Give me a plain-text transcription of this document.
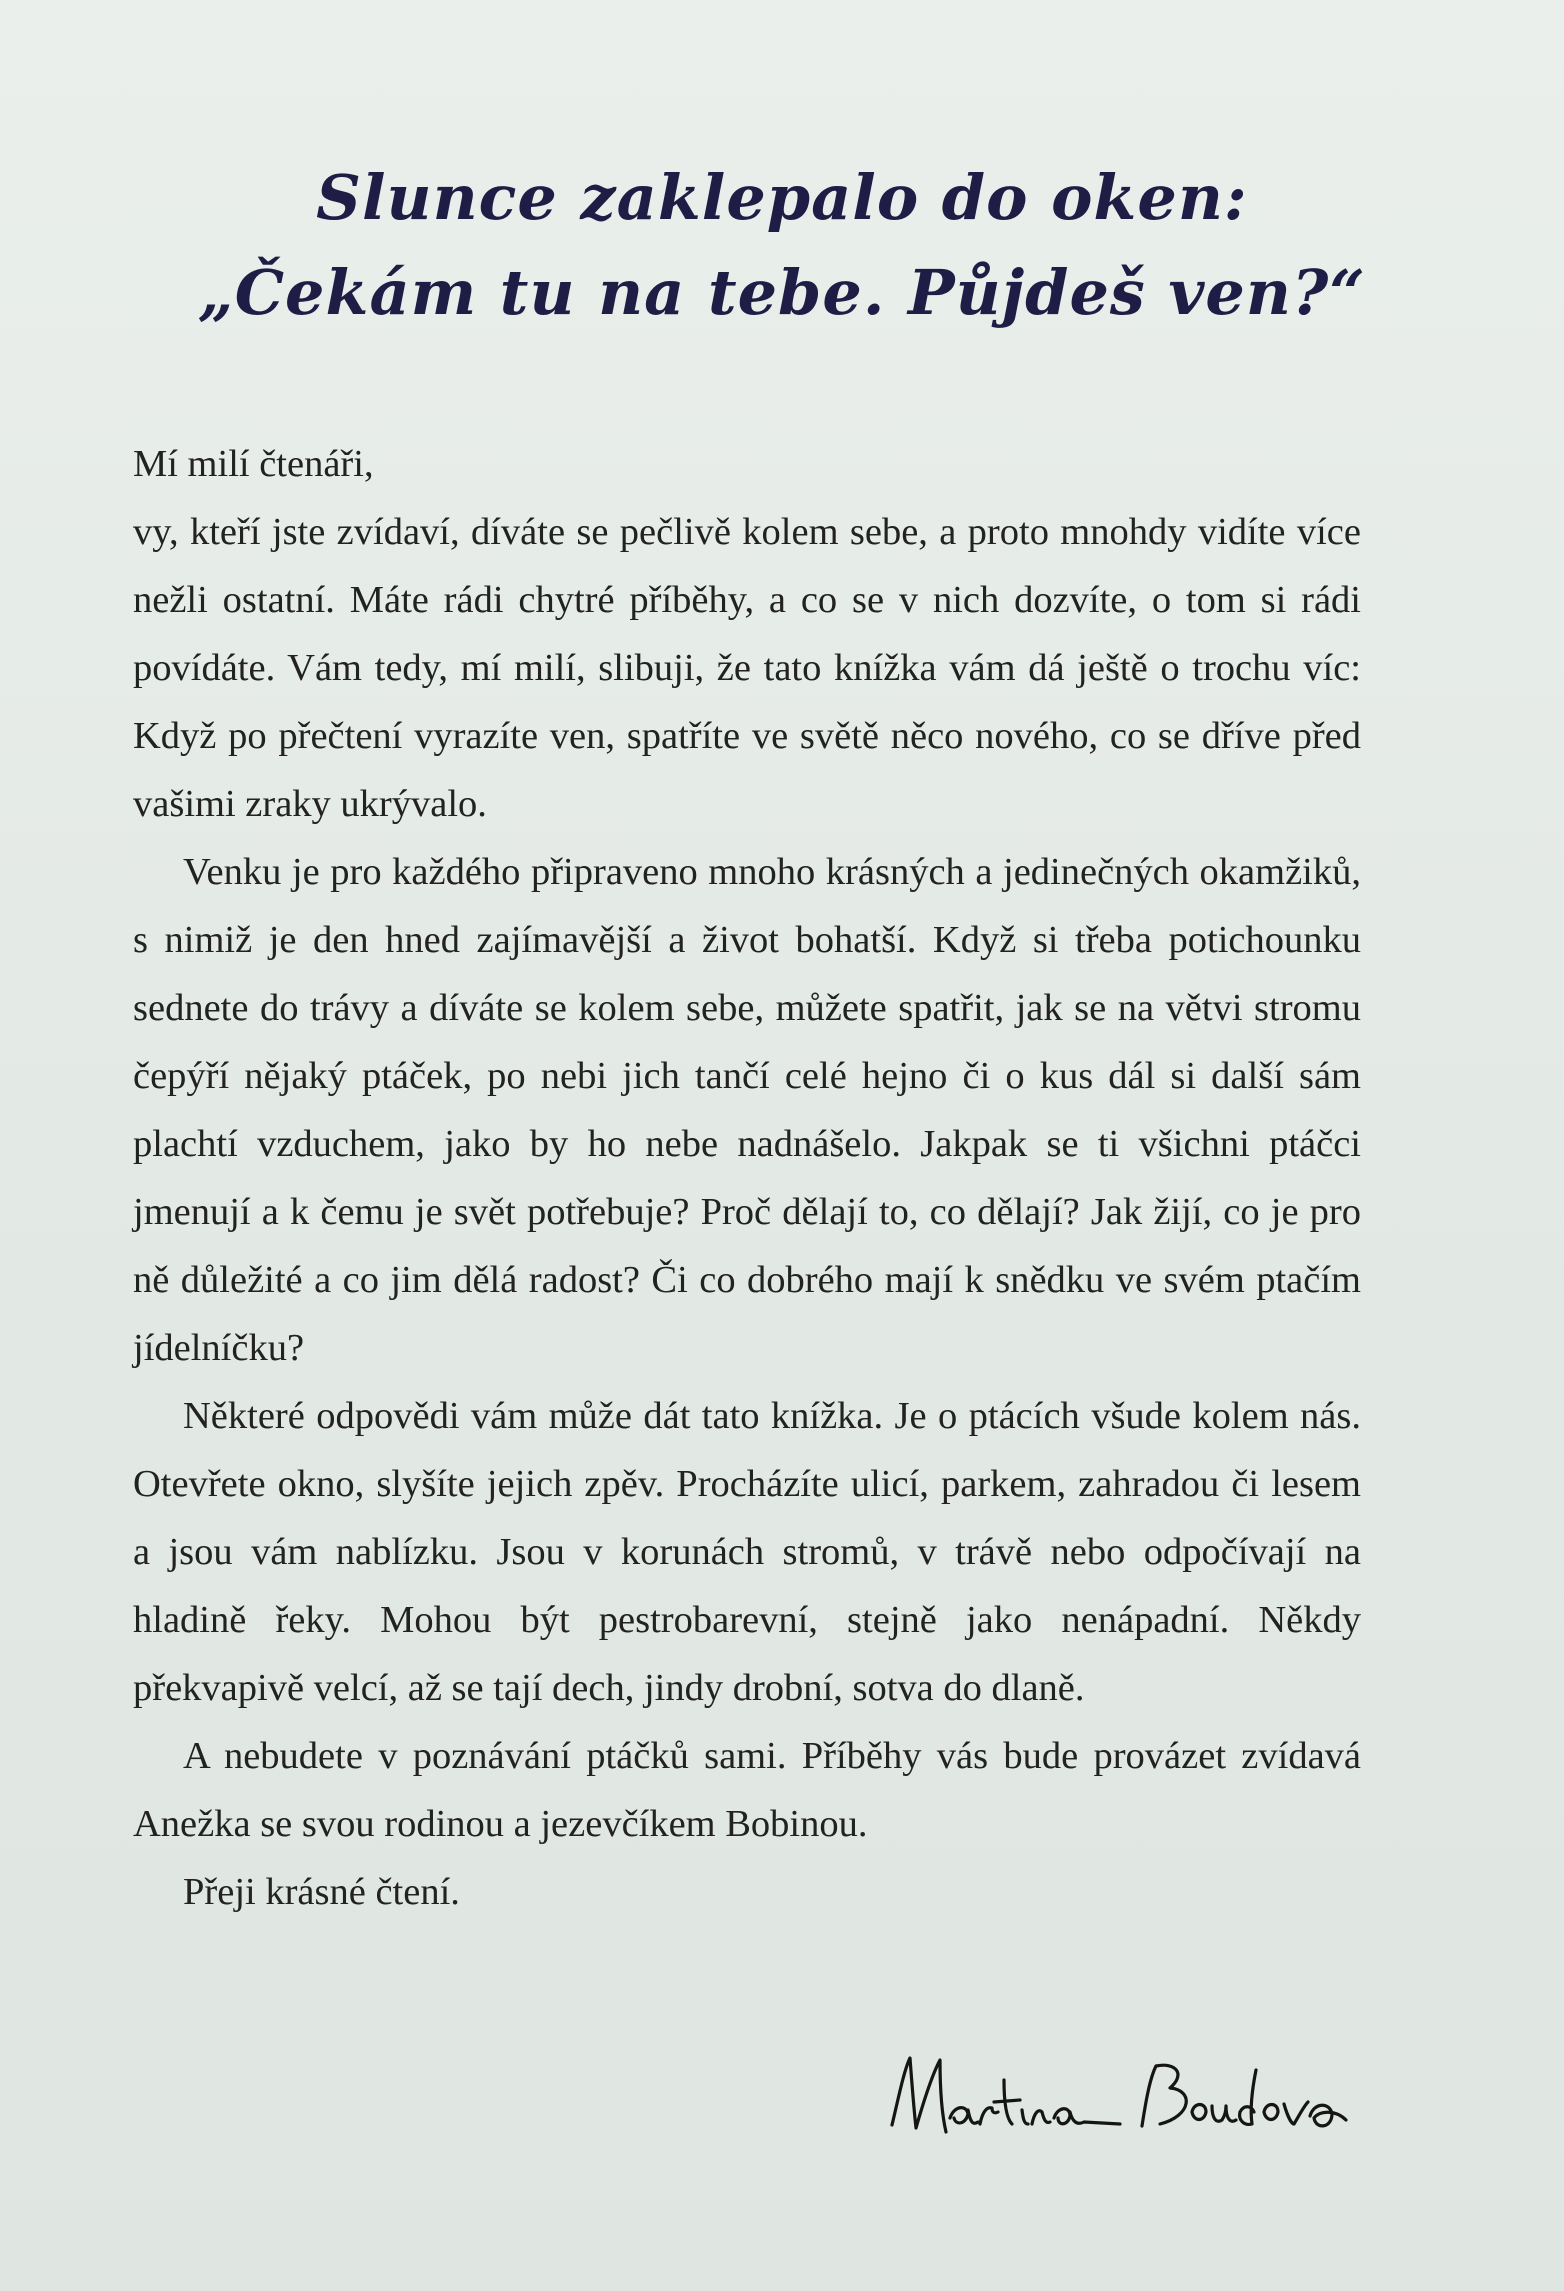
Slunce zaklepalo do oken:
„Čekám tu na tebe. Půjdeš ven?“

Mí milí čtenáři,

vy, kteří jste zvídaví, díváte se pečlivě kolem sebe, a proto mnohdy vidíte více nežli ostatní. Máte rádi chytré příběhy, a co se v nich dozvíte, o tom si rádi povídáte. Vám tedy, mí milí, slibuji, že tato knížka vám dá ještě o trochu víc: Když po přečtení vyrazíte ven, spatříte ve světě něco nového, co se dříve před vašimi zraky ukrývalo.

Venku je pro každého připraveno mnoho krásných a jedinečných okamžiků, s nimiž je den hned zajímavější a život bohatší. Když si třeba potichounku sednete do trávy a díváte se kolem sebe, můžete spatřit, jak se na větvi stromu čepýří nějaký ptáček, po nebi jich tančí celé hejno či o kus dál si další sám plachtí vzduchem, jako by ho nebe nadnášelo. Jakpak se ti všichni ptáčci jmenují a k čemu je svět potřebuje? Proč dělají to, co dělají? Jak žijí, co je pro ně důležité a co jim dělá radost? Či co dobrého mají k snědku ve svém ptačím jídelníčku?

Některé odpovědi vám může dát tato knížka. Je o ptácích všude kolem nás. Otevřete okno, slyšíte jejich zpěv. Procházíte ulicí, parkem, zahradou či lesem a jsou vám nablízku. Jsou v korunách stromů, v trávě nebo odpočívají na hladině řeky. Mohou být pestrobarevní, stejně jako nenápadní. Někdy překvapivě velcí, až se tají dech, jindy drobní, sotva do dlaně.

A nebudete v poznávání ptáčků sami. Příběhy vás bude provázet zvídavá Anežka se svou rodinou a jezevčíkem Bobinou.

Přeji krásné čtení.
